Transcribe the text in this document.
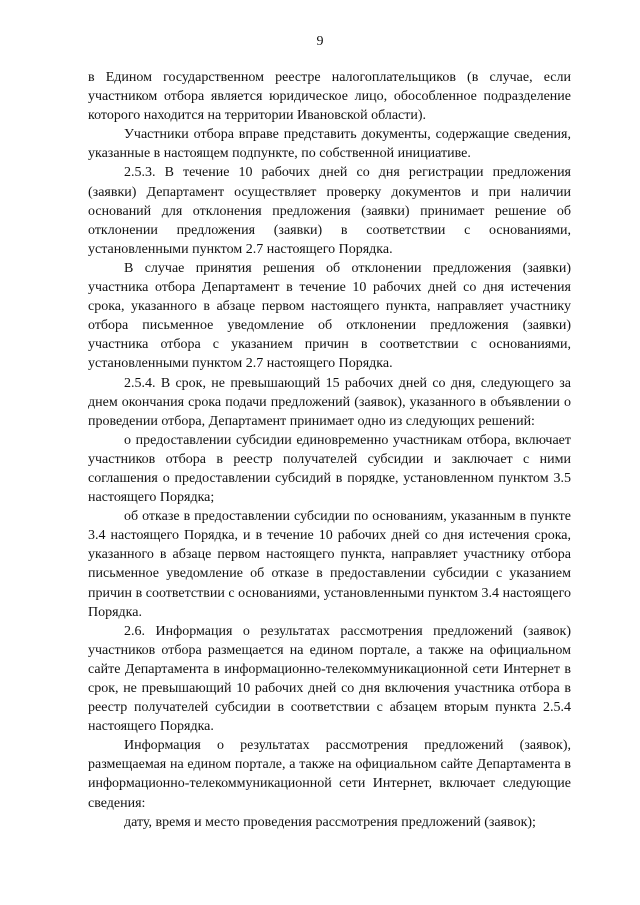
9

в Едином государственном реестре налогоплательщиков (в случае, если участником отбора является юридическое лицо, обособленное подразделение которого находится на территории Ивановской области).

Участники отбора вправе представить документы, содержащие сведения, указанные в настоящем подпункте, по собственной инициативе.

2.5.3. В течение 10 рабочих дней со дня регистрации предложения (заявки) Департамент осуществляет проверку документов и при наличии оснований для отклонения предложения (заявки) принимает решение об отклонении предложения (заявки) в соответствии с основаниями, установленными пунктом 2.7 настоящего Порядка.

В случае принятия решения об отклонении предложения (заявки) участника отбора Департамент в течение 10 рабочих дней со дня истечения срока, указанного в абзаце первом настоящего пункта, направляет участнику отбора письменное уведомление об отклонении предложения (заявки) участника отбора с указанием причин в соответствии с основаниями, установленными пунктом 2.7 настоящего Порядка.

2.5.4. В срок, не превышающий 15 рабочих дней со дня, следующего за днем окончания срока подачи предложений (заявок), указанного в объявлении о проведении отбора, Департамент принимает одно из следующих решений:

о предоставлении субсидии единовременно участникам отбора, включает участников отбора в реестр получателей субсидии и заключает с ними соглашения о предоставлении субсидий в порядке, установленном пунктом 3.5 настоящего Порядка;

об отказе в предоставлении субсидии по основаниям, указанным в пункте 3.4 настоящего Порядка, и в течение 10 рабочих дней со дня истечения срока, указанного в абзаце первом настоящего пункта, направляет участнику отбора письменное уведомление об отказе в предоставлении субсидии с указанием причин в соответствии с основаниями, установленными пунктом 3.4 настоящего Порядка.

2.6. Информация о результатах рассмотрения предложений (заявок) участников отбора размещается на едином портале, а также на официальном сайте Департамента в информационно-телекоммуникационной сети Интернет в срок, не превышающий 10 рабочих дней со дня включения участника отбора в реестр получателей субсидии в соответствии с абзацем вторым пункта 2.5.4 настоящего Порядка.

Информация о результатах рассмотрения предложений (заявок), размещаемая на едином портале, а также на официальном сайте Департамента в информационно-телекоммуникационной сети Интернет, включает следующие сведения:

дату, время и место проведения рассмотрения предложений (заявок);
